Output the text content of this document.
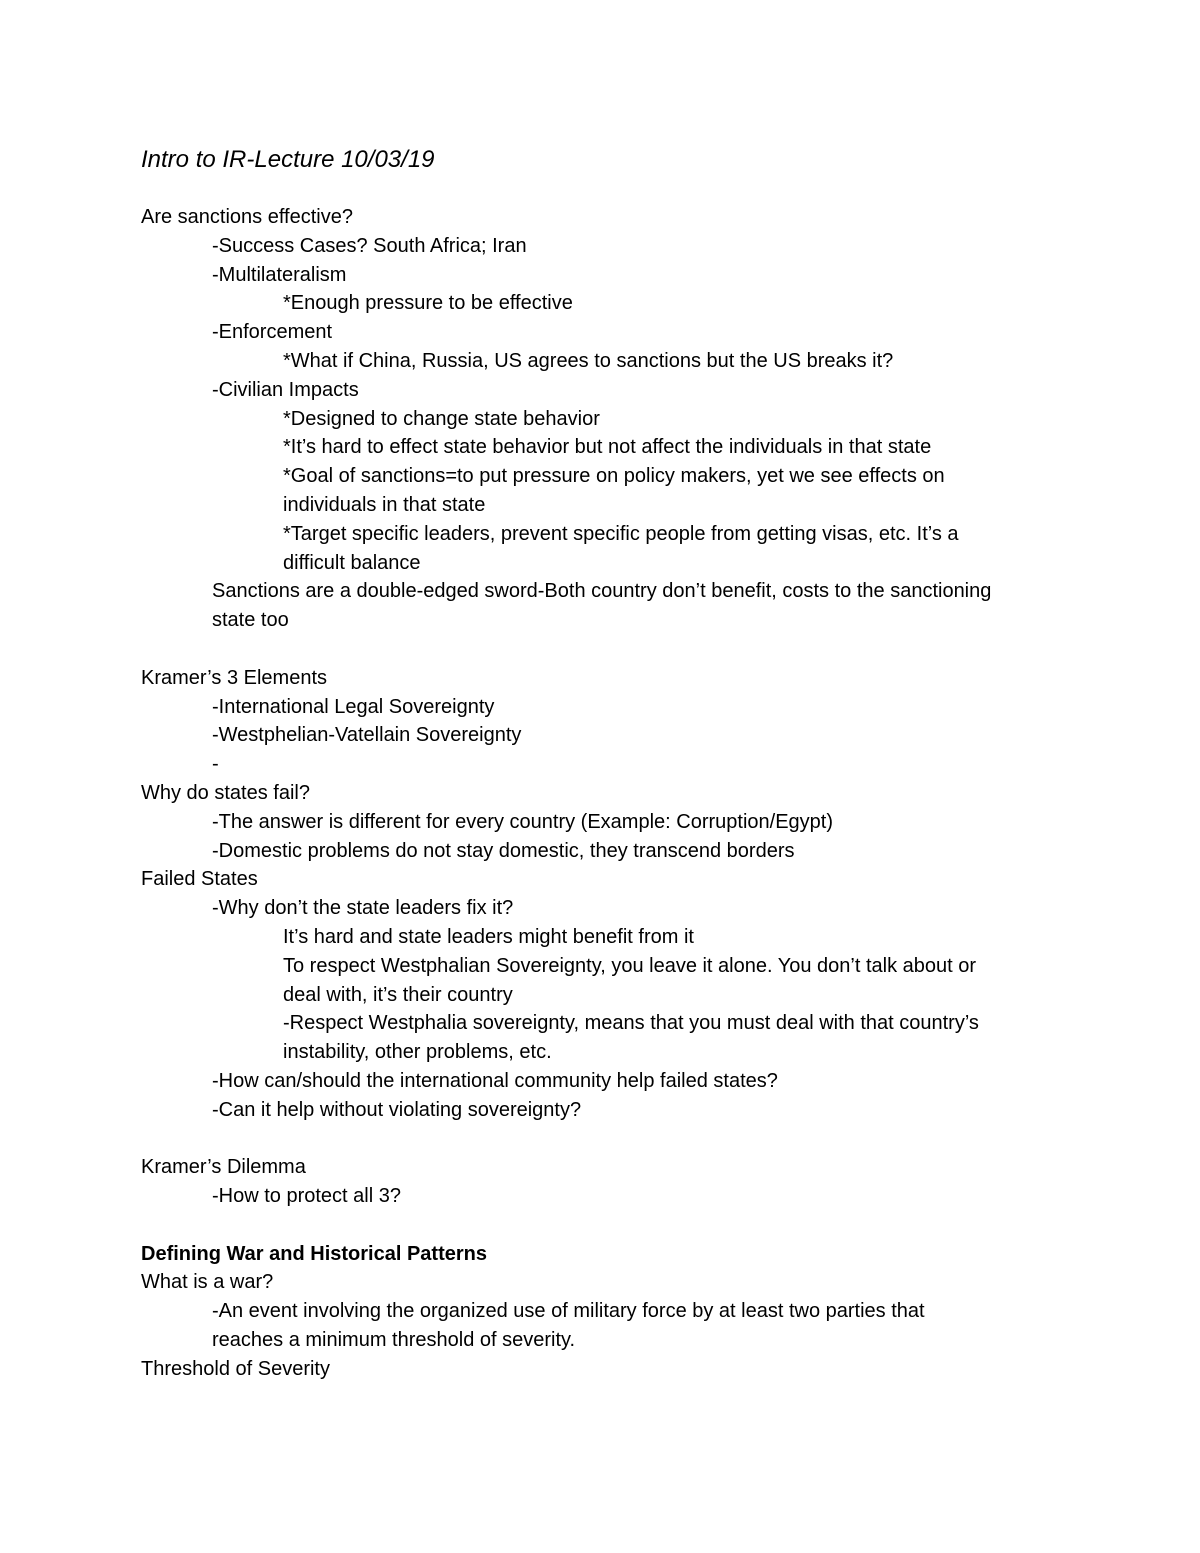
Intro to IR-Lecture 10/03/19
Are sanctions effective?
-Success Cases? South Africa; Iran
-Multilateralism
*Enough pressure to be effective
-Enforcement
*What if China, Russia, US agrees to sanctions but the US breaks it?
-Civilian Impacts
*Designed to change state behavior
*It’s hard to effect state behavior but not affect the individuals in that state
*Goal of sanctions=to put pressure on policy makers, yet we see effects on
individuals in that state
*Target specific leaders, prevent specific people from getting visas, etc. It’s a
difficult balance
Sanctions are a double-edged sword-Both country don’t benefit, costs to the sanctioning
state too
Kramer’s 3 Elements
-International Legal Sovereignty
-Westphelian-Vatellain Sovereignty
-
Why do states fail?
-The answer is different for every country (Example: Corruption/Egypt)
-Domestic problems do not stay domestic, they transcend borders
Failed States
-Why don’t the state leaders fix it?
It’s hard and state leaders might benefit from it
To respect Westphalian Sovereignty, you leave it alone. You don’t talk about or
deal with, it’s their country
-Respect Westphalia sovereignty, means that you must deal with that country’s
instability, other problems, etc.
-How can/should the international community help failed states?
-Can it help without violating sovereignty?
Kramer’s Dilemma
-How to protect all 3?
Defining War and Historical Patterns
What is a war?
-An event involving the organized use of military force by at least two parties that
reaches a minimum threshold of severity.
Threshold of Severity
